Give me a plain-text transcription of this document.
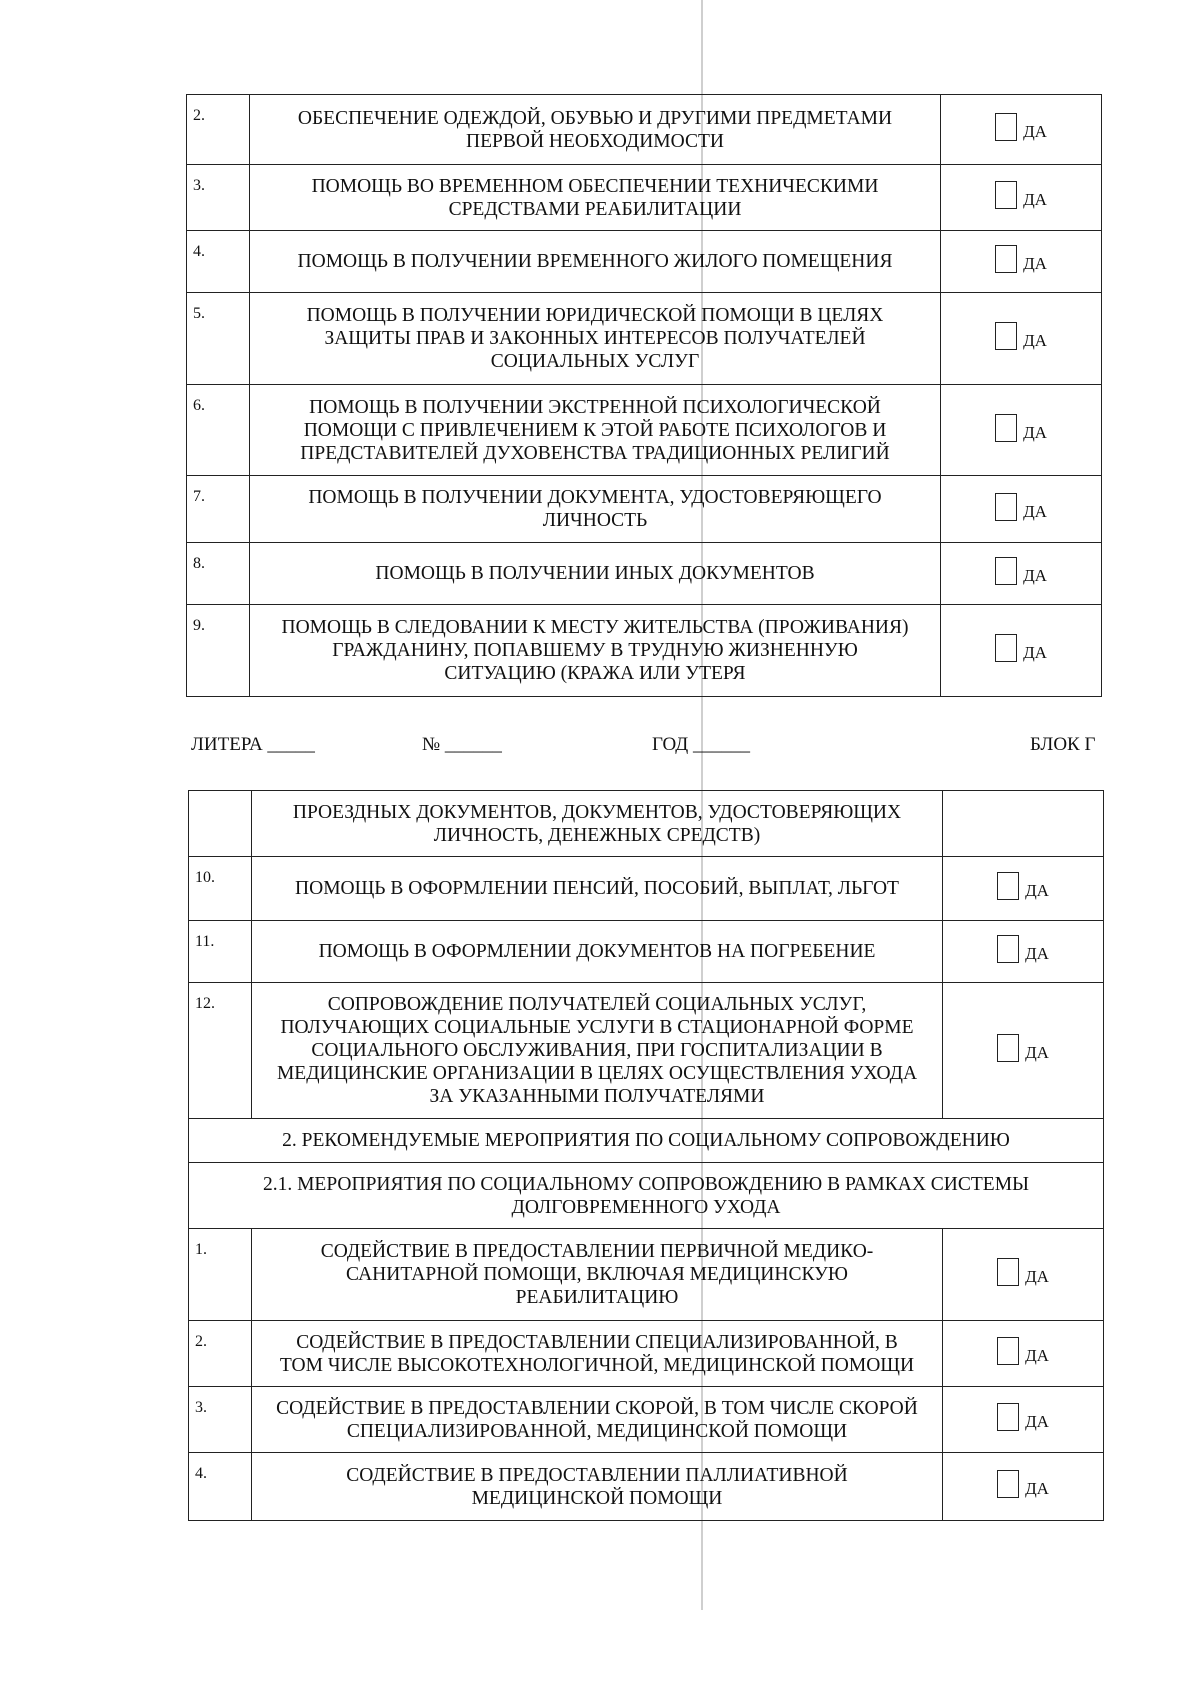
2.	ОБЕСПЕЧЕНИЕ ОДЕЖДОЙ, ОБУВЬЮ И ДРУГИМИ ПРЕДМЕТАМИ
ПЕРВОЙ НЕОБХОДИМОСТИ	ДА

3.	ПОМОЩЬ ВО ВРЕМЕННОМ ОБЕСПЕЧЕНИИ ТЕХНИЧЕСКИМИ
СРЕДСТВАМИ РЕАБИЛИТАЦИИ	ДА

4.	ПОМОЩЬ В ПОЛУЧЕНИИ ВРЕМЕННОГО ЖИЛОГО ПОМЕЩЕНИЯ	ДА

5.	ПОМОЩЬ В ПОЛУЧЕНИИ ЮРИДИЧЕСКОЙ ПОМОЩИ В ЦЕЛЯХ
ЗАЩИТЫ ПРАВ И ЗАКОННЫХ ИНТЕРЕСОВ ПОЛУЧАТЕЛЕЙ
СОЦИАЛЬНЫХ УСЛУГ	ДА

6.	ПОМОЩЬ В ПОЛУЧЕНИИ ЭКСТРЕННОЙ ПСИХОЛОГИЧЕСКОЙ
ПОМОЩИ С ПРИВЛЕЧЕНИЕМ К ЭТОЙ РАБОТЕ ПСИХОЛОГОВ И
ПРЕДСТАВИТЕЛЕЙ ДУХОВЕНСТВА ТРАДИЦИОННЫХ РЕЛИГИЙ	ДА

7.	ПОМОЩЬ В ПОЛУЧЕНИИ ДОКУМЕНТА, УДОСТОВЕРЯЮЩЕГО
ЛИЧНОСТЬ	ДА

8.	ПОМОЩЬ В ПОЛУЧЕНИИ ИНЫХ ДОКУМЕНТОВ	ДА

9.	ПОМОЩЬ В СЛЕДОВАНИИ К МЕСТУ ЖИТЕЛЬСТВА (ПРОЖИВАНИЯ)
ГРАЖДАНИНУ, ПОПАВШЕМУ В ТРУДНУЮ ЖИЗНЕННУЮ
СИТУАЦИЮ (КРАЖА ИЛИ УТЕРЯ	ДА
ЛИТЕРА _____	№ ______	ГОД ______	БЛОК Г
	ПРОЕЗДНЫХ ДОКУМЕНТОВ, ДОКУМЕНТОВ, УДОСТОВЕРЯЮЩИХ
ЛИЧНОСТЬ, ДЕНЕЖНЫХ СРЕДСТВ)	
10.	ПОМОЩЬ В ОФОРМЛЕНИИ ПЕНСИЙ, ПОСОБИЙ, ВЫПЛАТ, ЛЬГОТ	ДА

11.	ПОМОЩЬ В ОФОРМЛЕНИИ ДОКУМЕНТОВ НА ПОГРЕБЕНИЕ	ДА

12.	СОПРОВОЖДЕНИЕ ПОЛУЧАТЕЛЕЙ СОЦИАЛЬНЫХ УСЛУГ,
ПОЛУЧАЮЩИХ СОЦИАЛЬНЫЕ УСЛУГИ В СТАЦИОНАРНОЙ ФОРМЕ
СОЦИАЛЬНОГО ОБСЛУЖИВАНИЯ, ПРИ ГОСПИТАЛИЗАЦИИ В
МЕДИЦИНСКИЕ ОРГАНИЗАЦИИ В ЦЕЛЯХ ОСУЩЕСТВЛЕНИЯ УХОДА
ЗА УКАЗАННЫМИ ПОЛУЧАТЕЛЯМИ	ДА

2. РЕКОМЕНДУЕМЫЕ МЕРОПРИЯТИЯ ПО СОЦИАЛЬНОМУ СОПРОВОЖДЕНИЮ		
2.1. МЕРОПРИЯТИЯ ПО СОЦИАЛЬНОМУ СОПРОВОЖДЕНИЮ В РАМКАХ СИСТЕМЫ
ДОЛГОВРЕМЕННОГО УХОДА		
1.	СОДЕЙСТВИЕ В ПРЕДОСТАВЛЕНИИ ПЕРВИЧНОЙ МЕДИКО-
САНИТАРНОЙ ПОМОЩИ, ВКЛЮЧАЯ МЕДИЦИНСКУЮ
РЕАБИЛИТАЦИЮ	ДА

2.	СОДЕЙСТВИЕ В ПРЕДОСТАВЛЕНИИ СПЕЦИАЛИЗИРОВАННОЙ, В
ТОМ ЧИСЛЕ ВЫСОКОТЕХНОЛОГИЧНОЙ, МЕДИЦИНСКОЙ ПОМОЩИ	ДА

3.	СОДЕЙСТВИЕ В ПРЕДОСТАВЛЕНИИ СКОРОЙ, В ТОМ ЧИСЛЕ СКОРОЙ
СПЕЦИАЛИЗИРОВАННОЙ, МЕДИЦИНСКОЙ ПОМОЩИ	ДА

4.	СОДЕЙСТВИЕ В ПРЕДОСТАВЛЕНИИ ПАЛЛИАТИВНОЙ
МЕДИЦИНСКОЙ ПОМОЩИ	ДА
